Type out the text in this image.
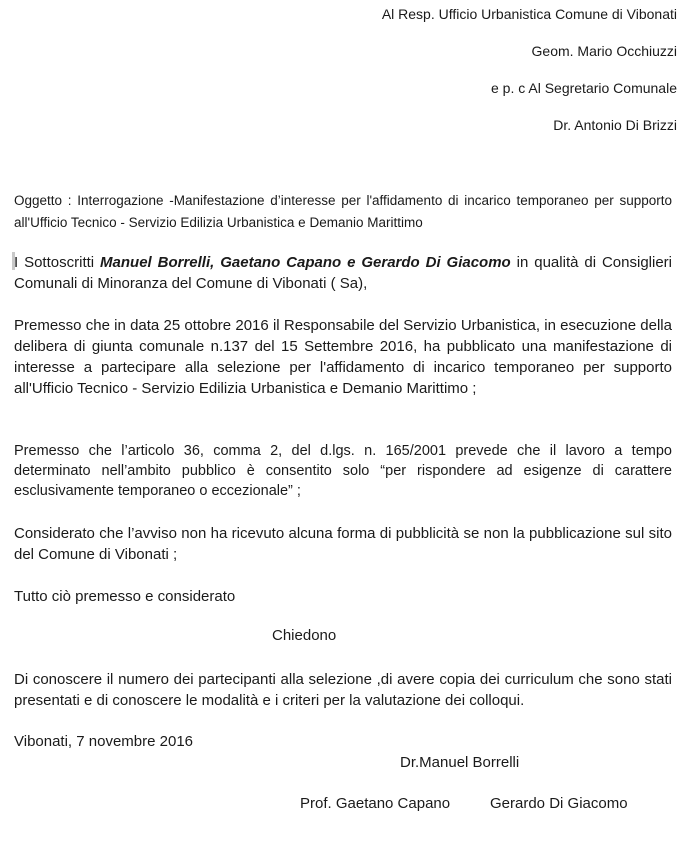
Al Resp. Ufficio Urbanistica Comune di Vibonati
Geom. Mario Occhiuzzi
e p. c Al Segretario Comunale
Dr. Antonio Di Brizzi
Oggetto : Interrogazione -Manifestazione d’interesse per l'affidamento di incarico temporaneo per supporto all'Ufficio Tecnico - Servizio Edilizia Urbanistica e Demanio Marittimo
I Sottoscritti Manuel Borrelli, Gaetano Capano e Gerardo Di Giacomo in qualità di Consiglieri Comunali di Minoranza del Comune di Vibonati ( Sa),
Premesso che in data 25 ottobre 2016 il Responsabile del Servizio Urbanistica, in esecuzione della delibera di giunta comunale n.137 del 15 Settembre 2016, ha pubblicato una manifestazione di interesse a partecipare alla selezione per l'affidamento di incarico temporaneo per supporto all'Ufficio Tecnico - Servizio Edilizia Urbanistica e Demanio Marittimo ;
Premesso che l’articolo 36, comma 2, del d.lgs. n. 165/2001 prevede che il lavoro a tempo determinato nell’ambito pubblico è consentito solo “per rispondere ad esigenze di carattere esclusivamente temporaneo o eccezionale” ;
Considerato che l’avviso non ha ricevuto alcuna forma di pubblicità se non la pubblicazione sul sito del Comune di Vibonati ;
Tutto ciò premesso e considerato
Chiedono
Di conoscere il numero dei partecipanti alla selezione ,di avere copia dei curriculum che sono stati presentati e di conoscere le modalità e i criteri per la valutazione dei colloqui.
Vibonati, 7 novembre 2016
Dr.Manuel Borrelli
Prof. Gaetano Capano	Gerardo Di Giacomo
